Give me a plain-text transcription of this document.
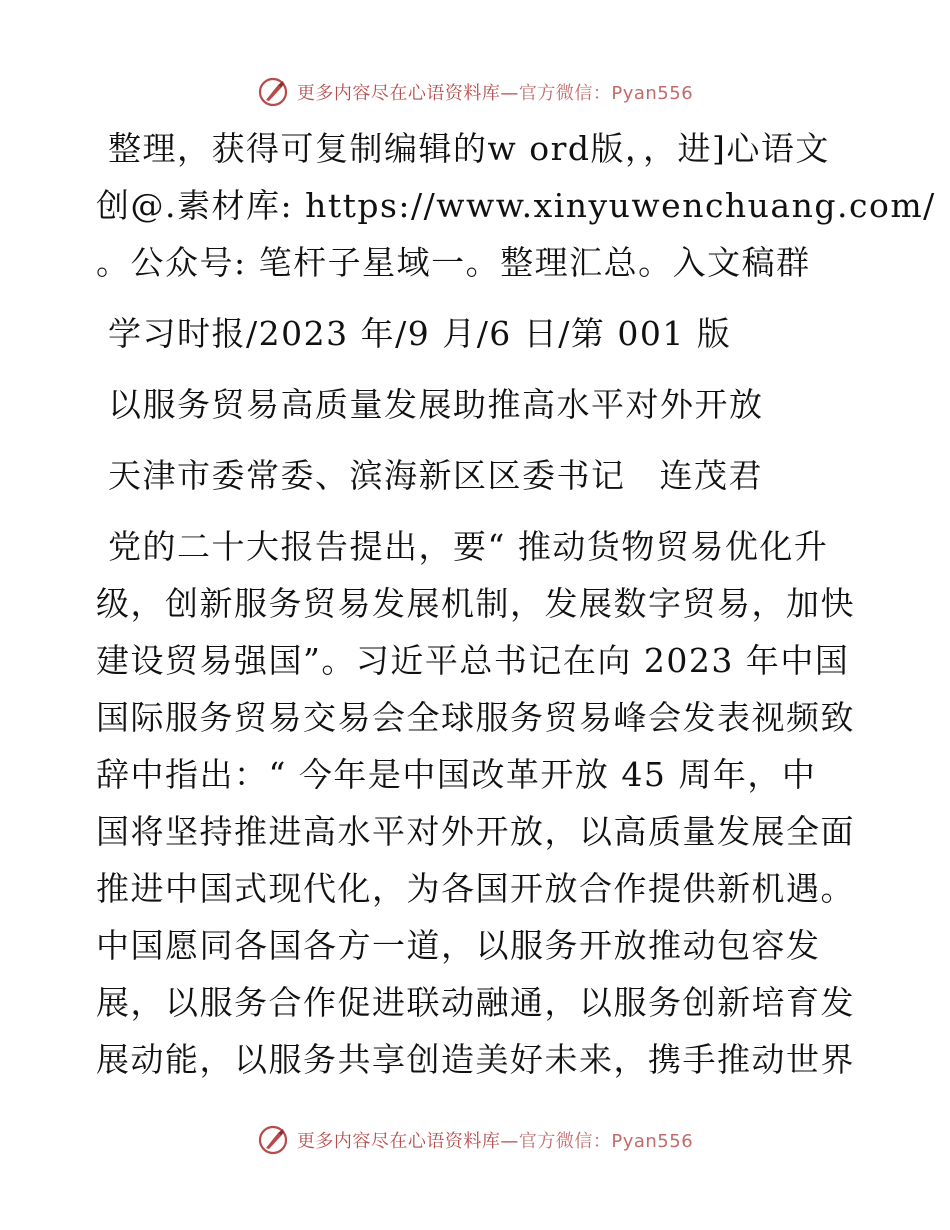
更多内容尽在心语资料库—官方微信：Pyan556
整理，获得可复制编辑的w ord版，，进]心语文
创@.素材库: https://www.xinyuwenchuang.com/
。公众号: 笔杆子星域一。整理汇总。入文稿群
学习时报/2023 年/9 月/6 日/第 001 版
以服务贸易高质量发展助推高水平对外开放
天津市委常委、滨海新区区委书记 连茂君
党的二十大报告提出，要“ 推动货物贸易优化升
级，创新服务贸易发展机制，发展数字贸易，加快
建设贸易强国”。习近平总书记在向 2023 年中国
国际服务贸易交易会全球服务贸易峰会发表视频致
辞中指出：“ 今年是中国改革开放 45 周年，中
国将坚持推进高水平对外开放，以高质量发展全面
推进中国式现代化，为各国开放合作提供新机遇。
中国愿同各国各方一道，以服务开放推动包容发
展，以服务合作促进联动融通，以服务创新培育发
展动能，以服务共享创造美好未来，携手推动世界
更多内容尽在心语资料库—官方微信：Pyan556
